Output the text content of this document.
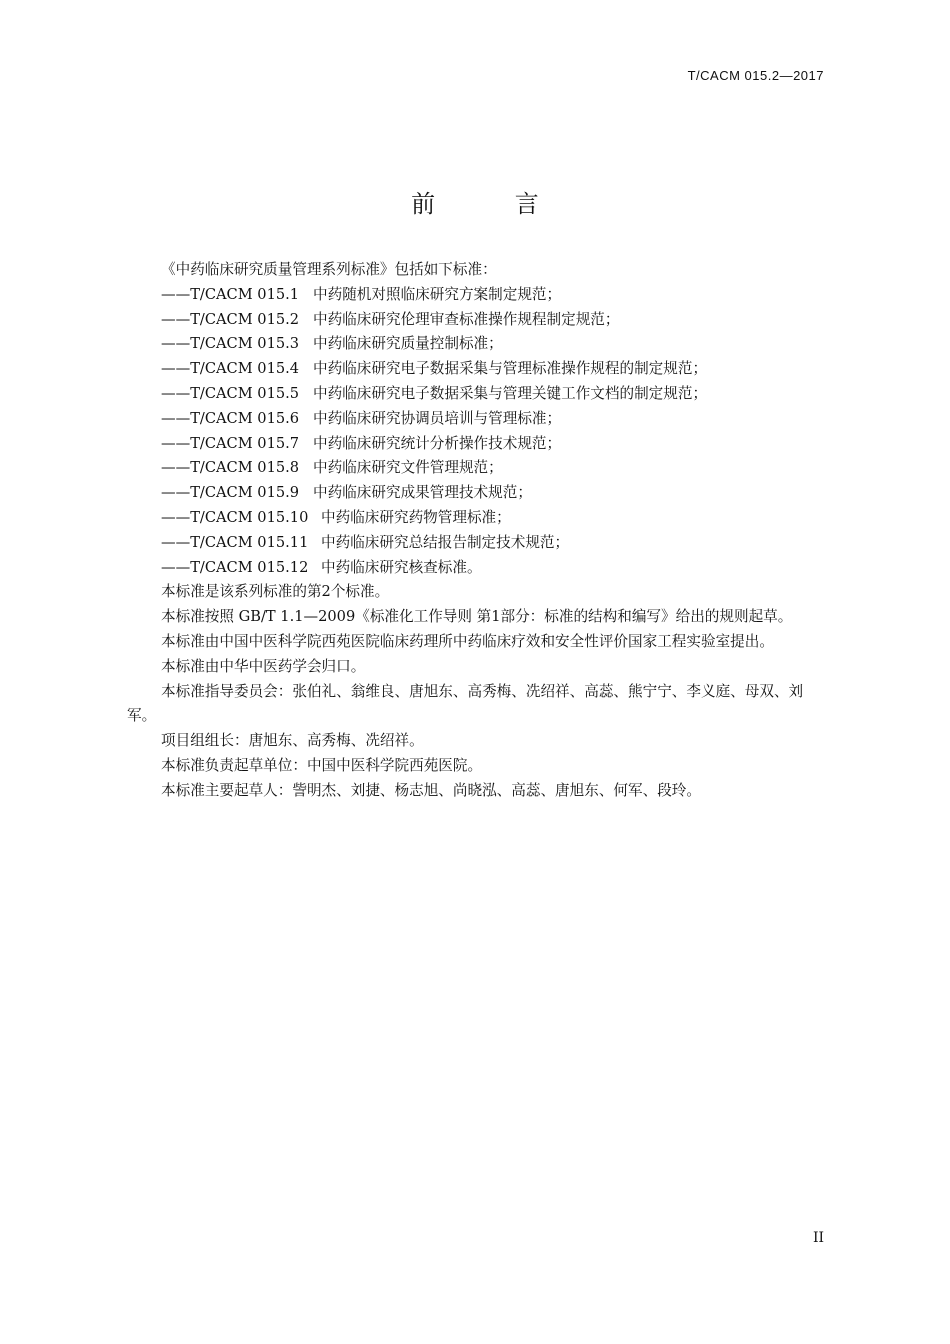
T/CACM 015.2—2017
前 言
《中药临床研究质量管理系列标准》包括如下标准：
——T/CACM 015.1 中药随机对照临床研究方案制定规范；
——T/CACM 015.2 中药临床研究伦理审查标准操作规程制定规范；
——T/CACM 015.3 中药临床研究质量控制标准；
——T/CACM 015.4 中药临床研究电子数据采集与管理标准操作规程的制定规范；
——T/CACM 015.5 中药临床研究电子数据采集与管理关键工作文档的制定规范；
——T/CACM 015.6 中药临床研究协调员培训与管理标准；
——T/CACM 015.7 中药临床研究统计分析操作技术规范；
——T/CACM 015.8 中药临床研究文件管理规范；
——T/CACM 015.9 中药临床研究成果管理技术规范；
——T/CACM 015.10 中药临床研究药物管理标准；
——T/CACM 015.11 中药临床研究总结报告制定技术规范；
——T/CACM 015.12 中药临床研究核查标准。
本标准是该系列标准的第2个标准。
本标准按照 GB/T 1.1—2009《标准化工作导则 第1部分：标准的结构和编写》给出的规则起草。
本标准由中国中医科学院西苑医院临床药理所中药临床疗效和安全性评价国家工程实验室提出。
本标准由中华中医药学会归口。
本标准指导委员会：张伯礼、翁维良、唐旭东、高秀梅、冼绍祥、高蕊、熊宁宁、李义庭、母双、刘军。
项目组组长：唐旭东、高秀梅、冼绍祥。
本标准负责起草单位：中国中医科学院西苑医院。
本标准主要起草人：訾明杰、刘捷、杨志旭、尚晓泓、高蕊、唐旭东、何军、段玲。
II
